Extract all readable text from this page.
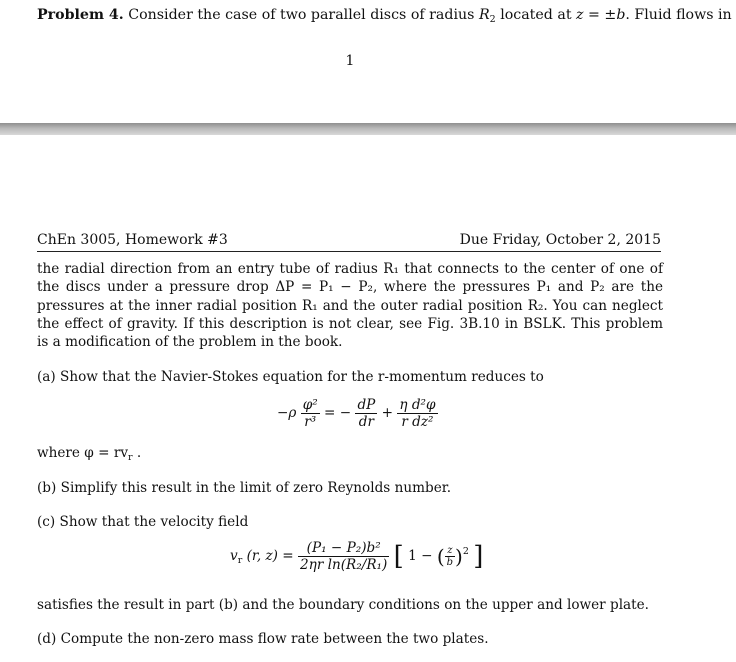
Problem 4. Consider the case of two parallel discs of radius $R_2$ located at z = ±b. Fluid flows in
1
ChEn 3005, Homework #3	Due Friday, October 2, 2015
the radial direction from an entry tube of radius R₁ that connects to the center of one of the discs under a pressure drop ΔP = P₁ − P₂, where the pressures P₁ and P₂ are the pressures at the inner radial position R₁ and the outer radial position R₂. You can neglect the effect of gravity. If this description is not clear, see Fig. 3B.10 in BSLK. This problem is a modification of the problem in the book.
(a) Show that the Navier-Stokes equation for the r-momentum reduces to
$-\rho \frac{\text{φ²}}{\text{r³}}$ = − $\frac{dP}{dr} + \frac{\text{η d²φ}}{\text{r dz²}}$
where $\varphi = rv_r$ .
(b) Simplify this result in the limit of zero Reynolds number.
(c) Show that the velocity field
$v_r$ (r, $z) = \frac{\text{(P₁ − P₂)b²}}{\text{2ηr ln(R₂/R₁)}}$ [ 1 − ( $\frac{z}{b} )^2$ ]
satisfies the result in part (b) and the boundary conditions on the upper and lower plate.
(d) Compute the non-zero mass flow rate between the two plates.
